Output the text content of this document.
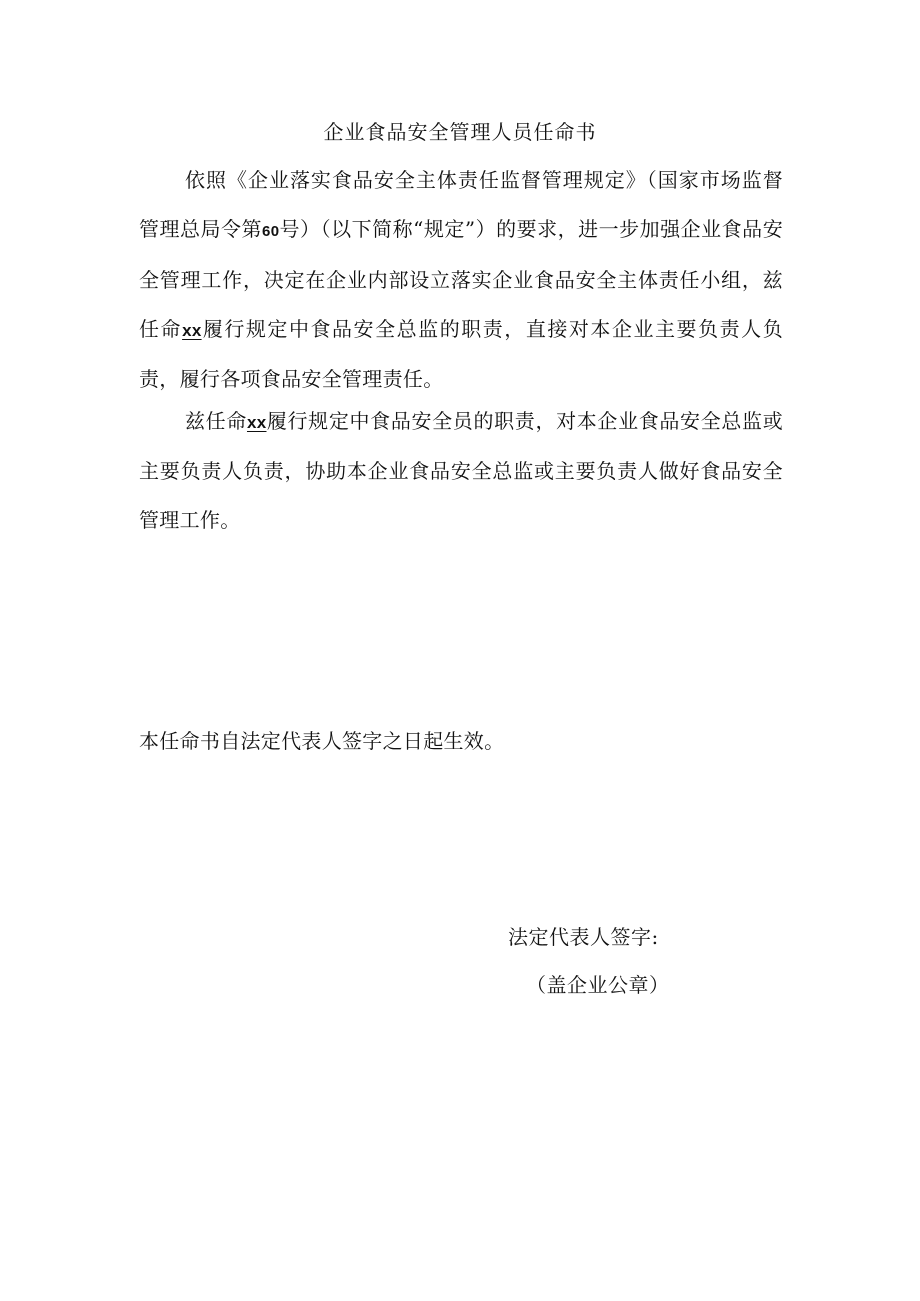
企业食品安全管理人员任命书
依照《企业落实食品安全主体责任监督管理规定》（国家市场监督管理总局令第60号）（以下简称“规定”）的要求，进一步加强企业食品安全管理工作，决定在企业内部设立落实企业食品安全主体责任小组，兹任命xx履行规定中食品安全总监的职责，直接对本企业主要负责人负责，履行各项食品安全管理责任。
兹任命xx履行规定中食品安全员的职责，对本企业食品安全总监或主要负责人负责，协助本企业食品安全总监或主要负责人做好食品安全管理工作。
本任命书自法定代表人签字之日起生效。
法定代表人签字:
（盖企业公章）
